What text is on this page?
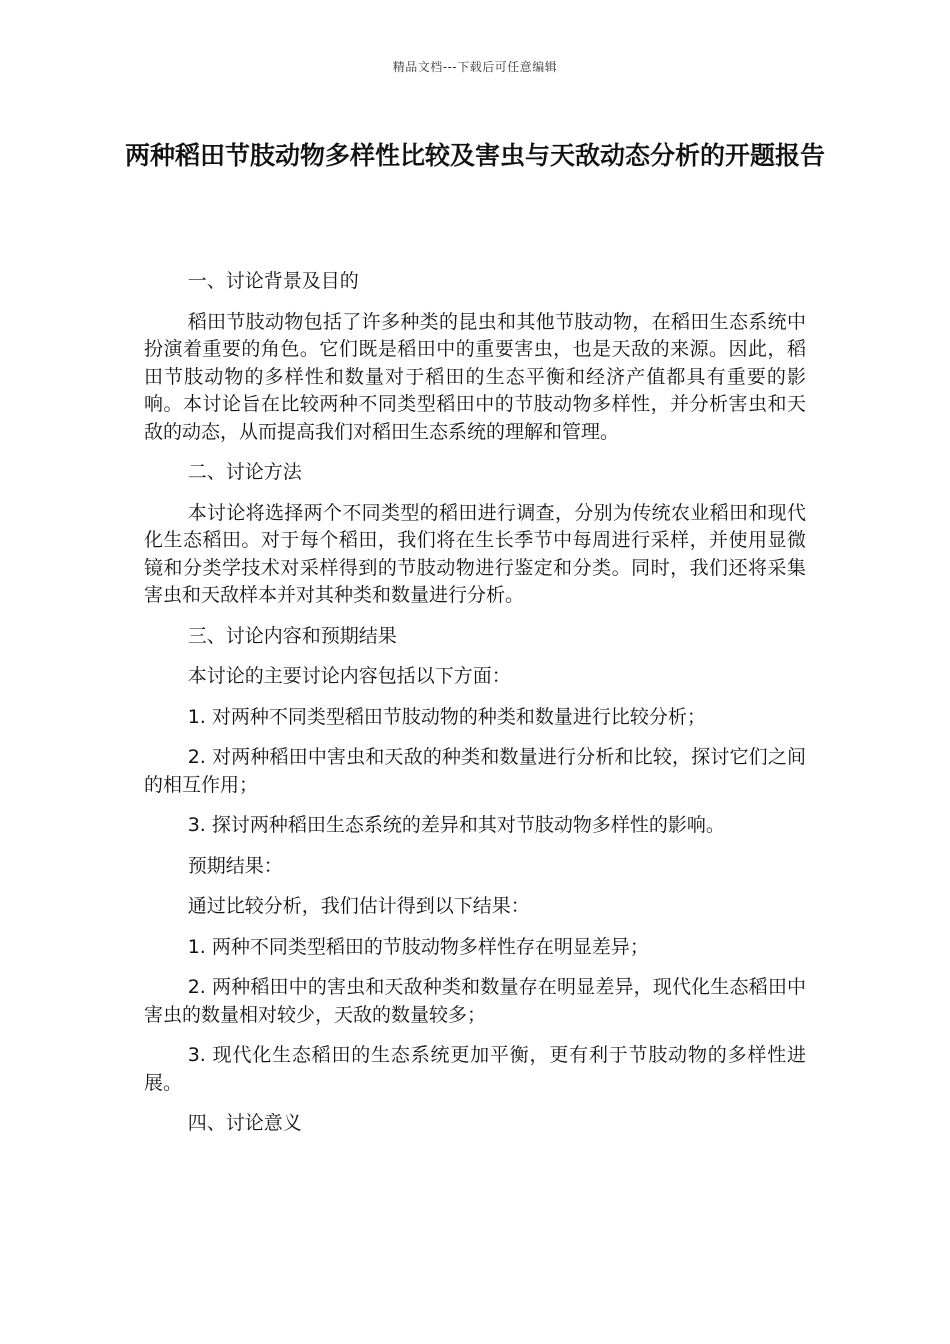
精品文档---下载后可任意编辑
两种稻田节肢动物多样性比较及害虫与天敌动态分析的开题报告

一、讨论背景及目的

稻田节肢动物包括了许多种类的昆虫和其他节肢动物，在稻田生态系统中扮演着重要的角色。它们既是稻田中的重要害虫，也是天敌的来源。因此，稻田节肢动物的多样性和数量对于稻田的生态平衡和经济产值都具有重要的影响。本讨论旨在比较两种不同类型稻田中的节肢动物多样性，并分析害虫和天敌的动态，从而提高我们对稻田生态系统的理解和管理。

二、讨论方法

本讨论将选择两个不同类型的稻田进行调查，分别为传统农业稻田和现代化生态稻田。对于每个稻田，我们将在生长季节中每周进行采样，并使用显微镜和分类学技术对采样得到的节肢动物进行鉴定和分类。同时，我们还将采集害虫和天敌样本并对其种类和数量进行分析。

三、讨论内容和预期结果

本讨论的主要讨论内容包括以下方面：

1. 对两种不同类型稻田节肢动物的种类和数量进行比较分析；

2. 对两种稻田中害虫和天敌的种类和数量进行分析和比较，探讨它们之间的相互作用；

3. 探讨两种稻田生态系统的差异和其对节肢动物多样性的影响。

预期结果：

通过比较分析，我们估计得到以下结果：

1. 两种不同类型稻田的节肢动物多样性存在明显差异；

2. 两种稻田中的害虫和天敌种类和数量存在明显差异，现代化生态稻田中害虫的数量相对较少，天敌的数量较多；

3. 现代化生态稻田的生态系统更加平衡，更有利于节肢动物的多样性进展。

四、讨论意义
